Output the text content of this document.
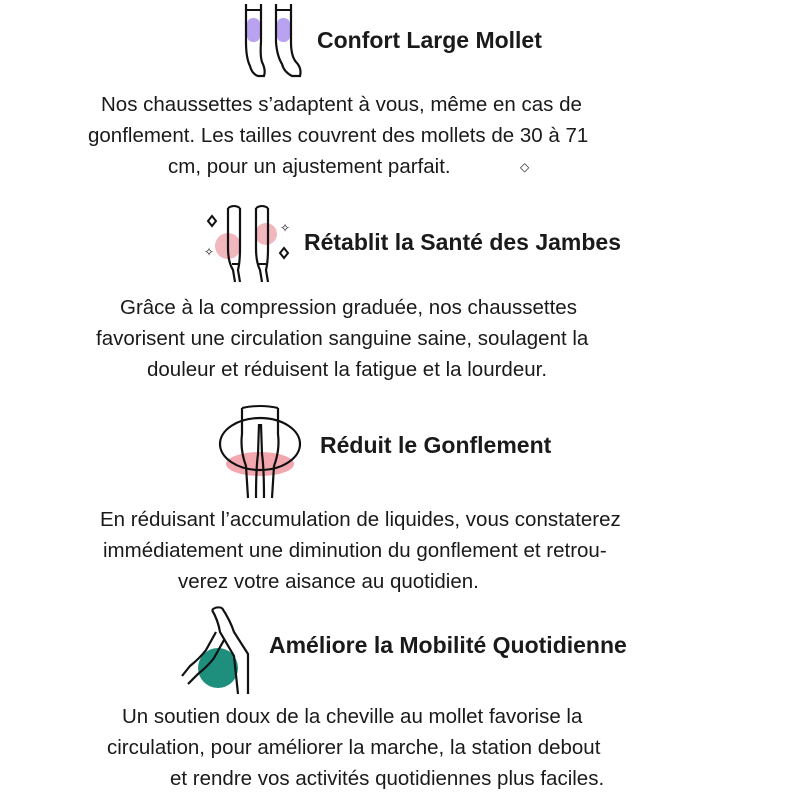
Confort Large Mollet
Nos chaussettes s’adaptent à vous, même en cas de
gonflement. Les tailles couvrent des mollets de 30 à 71
cm, pour un ajustement parfait.	◇
✧
✧
Rétablit la Santé des Jambes
Grâce à la compression graduée, nos chaussettes
favorisent une circulation sanguine saine, soulagent la
douleur et réduisent la fatigue et la lourdeur.
Réduit le Gonflement
En réduisant l’accumulation de liquides, vous constaterez
immédiatement une diminution du gonflement et retrou-
verez votre aisance au quotidien.
Améliore la Mobilité Quotidienne
Un soutien doux de la cheville au mollet favorise la
circulation, pour améliorer la marche, la station debout
et rendre vos activités quotidiennes plus faciles.
